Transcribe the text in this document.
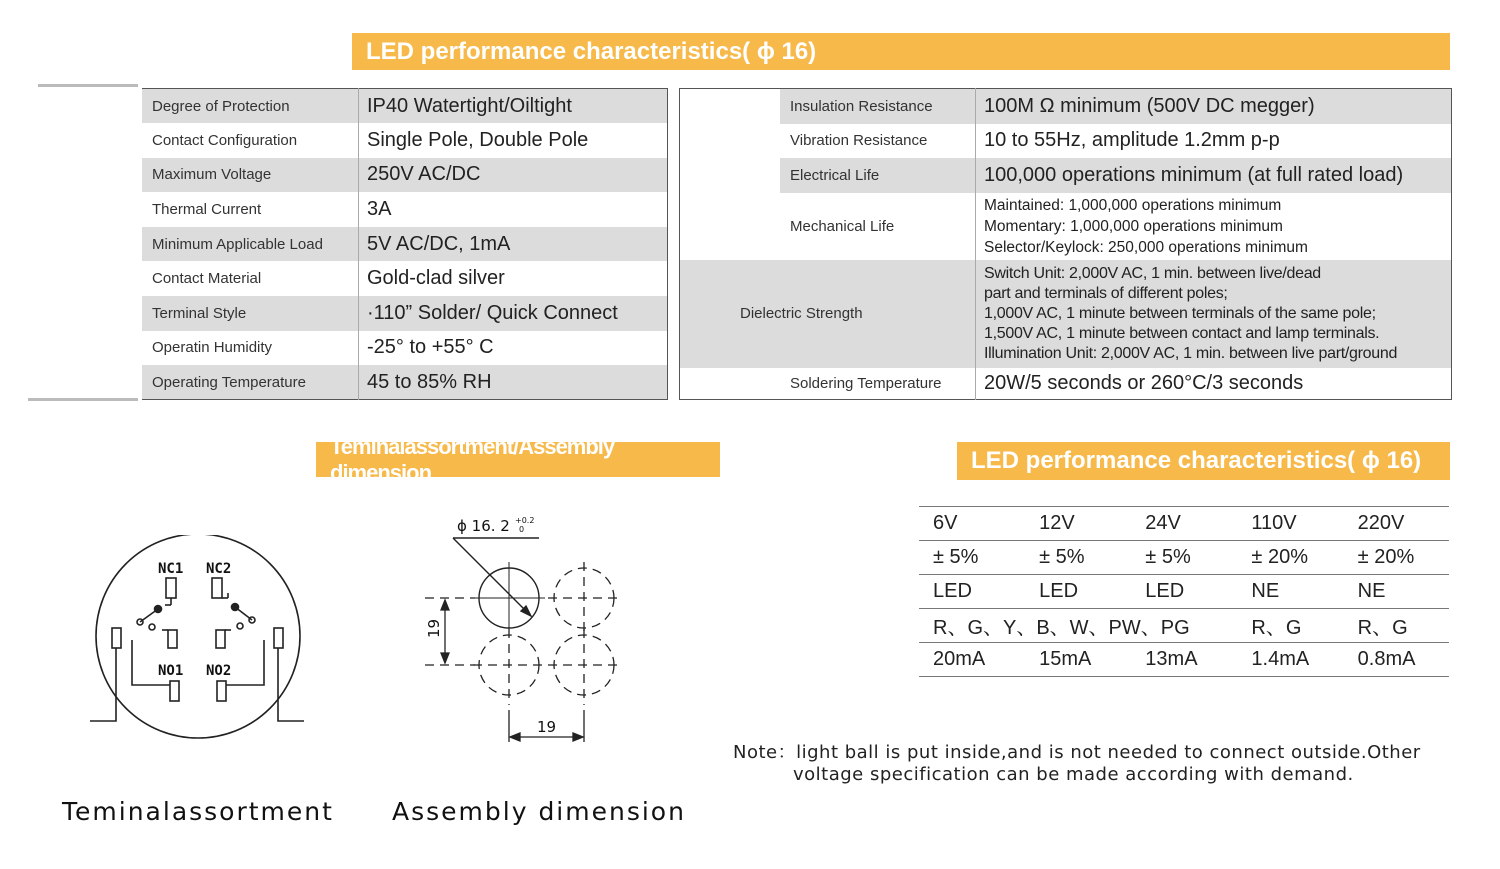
LED performance characteristics( ϕ 16)
Degree of Protection	IP40 Watertight/Oiltight
Contact Configuration	Single Pole, Double Pole
Maximum Voltage	250V AC/DC
Thermal Current	3A
Minimum Applicable Load	5V AC/DC, 1mA
Contact Material	Gold-clad silver
Terminal Style	·110” Solder/ Quick Connect
Operatin Humidity	-25° to +55° C
Operating Temperature	45 to 85% RH
	Insulation Resistance	100M Ω minimum (500V DC megger)
	Vibration Resistance	10 to 55Hz, amplitude 1.2mm p-p
	Electrical Life	100,000 operations minimum (at full rated load)
	Mechanical Life	Maintained: 1,000,000 operations minimum
Momentary: 1,000,000 operations minimum
Selector/Keylock: 250,000 operations minimum

Dielectric Strength		Switch Unit: 2,000V AC, 1 min. between live/dead
part and terminals of different poles;
1,000V AC, 1 minute between terminals of the same pole;
1,500V AC, 1 minute between contact and lamp terminals.
Illumination Unit: 2,000V AC, 1 min. between live part/ground

Soldering Temperature		20W/5 seconds or 260°C/3 seconds
Teminalassortment/Assembly dimension	LED performance characteristics( ϕ 16)
NC1 NC2
NO1 NO2
ϕ 16. 2 +0.2
0
19
19
6V	12V	24V	110V	220V
± 5%	± 5%	± 5%	± 20%	± 20%
LED	LED	LED	NE	NE
R、G、Y、B、W、PW、PG			R、G	R、G
20mA	15mA	13mA	1.4mA	0.8mA
Note：light ball is put inside,and is not needed to connect outside.Other
voltage specification can be made according with demand.
Teminalassortment Assembly dimension
